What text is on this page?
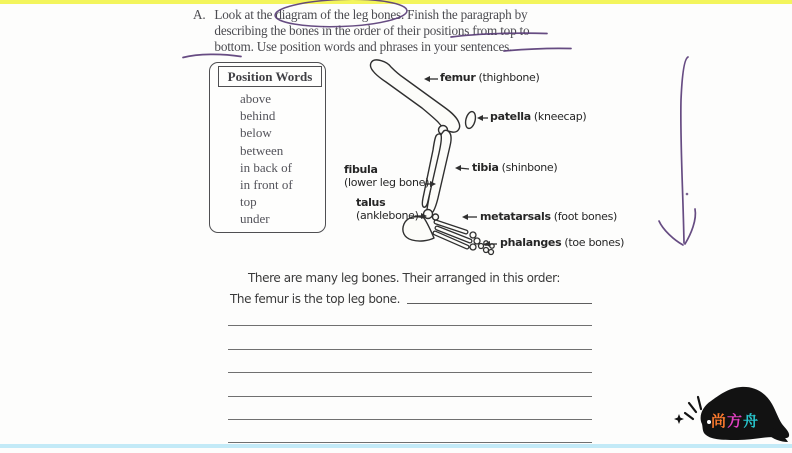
A. Look at the diagram of the leg bones. Finish the paragraph by
describing the bones in the order of their positions from top to
bottom. Use position words and phrases in your sentences.
Position Words
above
behind
below
between
in back of
in front of
top
under
femur (thighbone)
patella (kneecap)
tibia (shinbone)
fibula
(lower leg bone)
talus
(anklebone)	metatarsals (foot bones)
phalanges (toe bones)
There are many leg bones. Their arranged in this order:
The femur is the top leg bone.
尚方舟
